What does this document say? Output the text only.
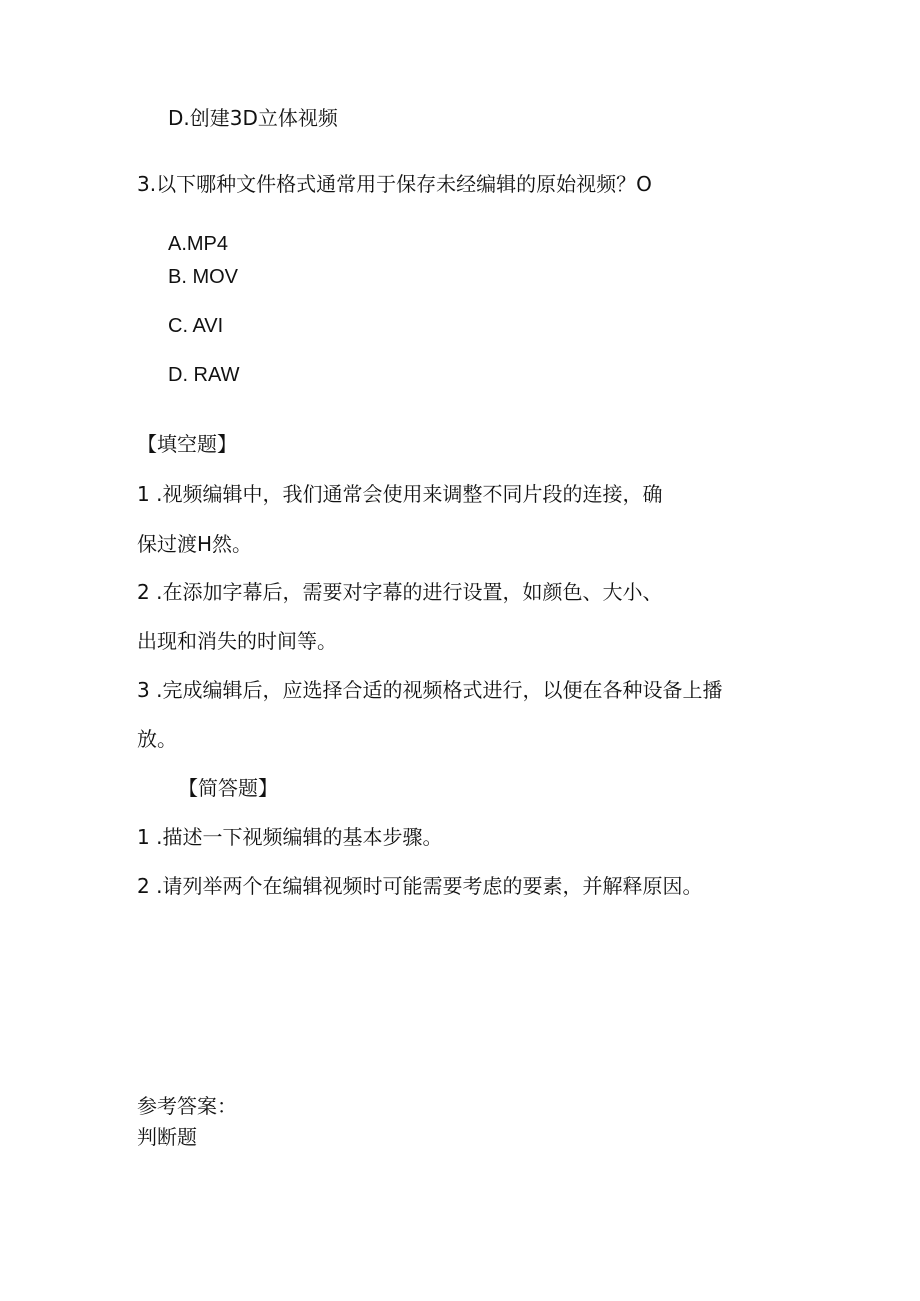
D.创建3D立体视频
3.以下哪种文件格式通常用于保存未经编辑的原始视频？O
A.MP4
B. MOV
C. AVI
D. RAW
【填空题】
1 .视频编辑中，我们通常会使用来调整不同片段的连接，确
保过渡H然。
2 .在添加字幕后，需要对字幕的进行设置，如颜色、大小、
出现和消失的时间等。
3 .完成编辑后，应选择合适的视频格式进行，以便在各种设备上播
放。
【简答题】
1 .描述一下视频编辑的基本步骤。
2 .请列举两个在编辑视频时可能需要考虑的要素，并解释原因。
参考答案：
判断题
